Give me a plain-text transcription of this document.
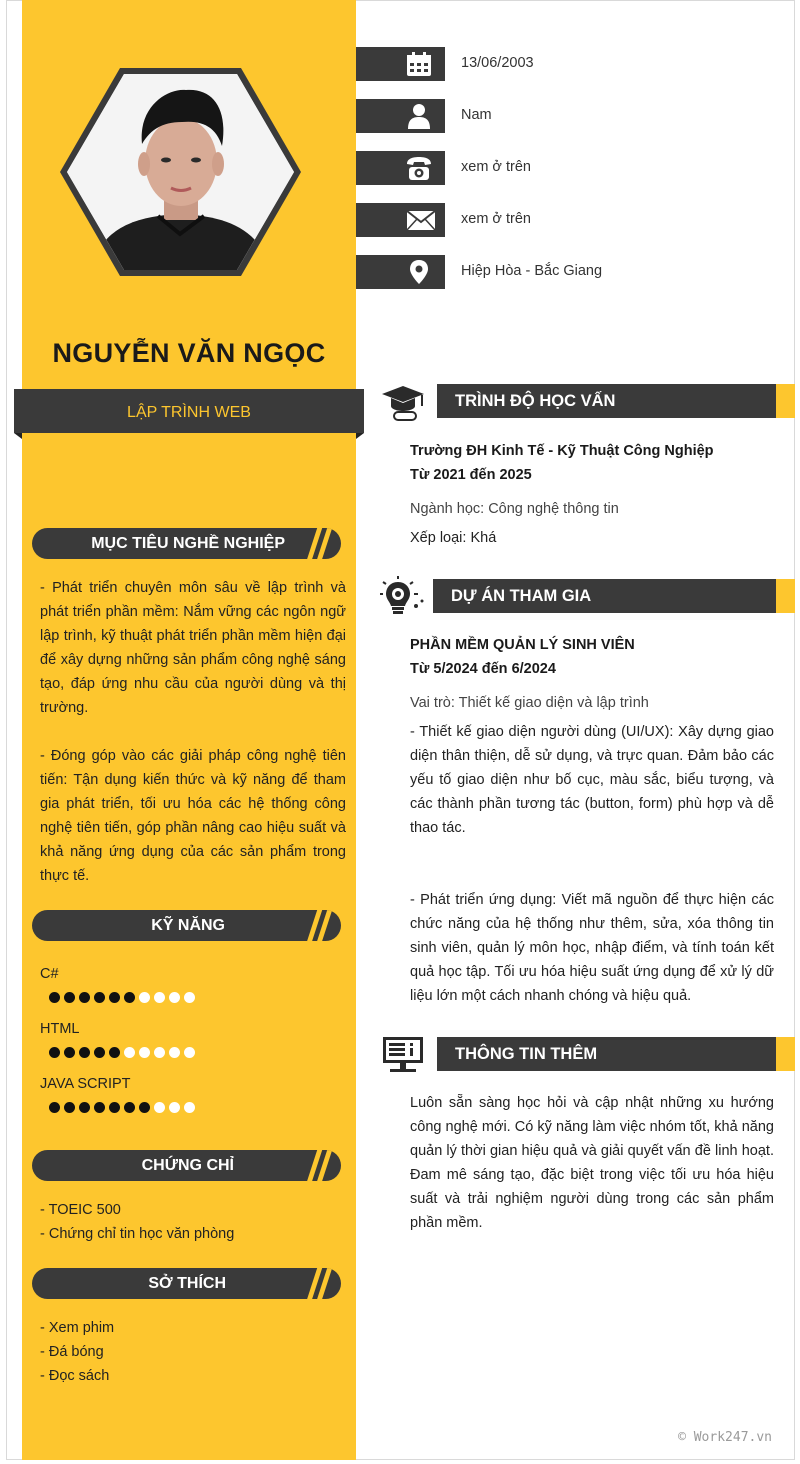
NGUYỄN VĂN NGỌC
LẬP TRÌNH WEB
13/06/2003
Nam
xem ở trên
xem ở trên
Hiệp Hòa - Bắc Giang
MỤC TIÊU NGHỀ NGHIỆP
- Phát triển chuyên môn sâu về lập trình và phát triển phần mềm: Nắm vững các ngôn ngữ lập trình, kỹ thuật phát triển phần mềm hiện đại để xây dựng những sản phẩm công nghệ sáng tạo, đáp ứng nhu cầu của người dùng và thị trường.
- Đóng góp vào các giải pháp công nghệ tiên tiến: Tận dụng kiến thức và kỹ năng để tham gia phát triển, tối ưu hóa các hệ thống công nghệ tiên tiến, góp phần nâng cao hiệu suất và khả năng ứng dụng của các sản phẩm trong thực tế.
KỸ NĂNG
C#
HTML
JAVA SCRIPT
CHỨNG CHỈ
- TOEIC 500
- Chứng chỉ tin học văn phòng
SỞ THÍCH
- Xem phim
- Đá bóng
- Đọc sách
TRÌNH ĐỘ HỌC VẤN
Trường ĐH Kinh Tế - Kỹ Thuật Công Nghiệp
Từ 2021 đến 2025
Ngành học: Công nghệ thông tin
Xếp loại: Khá
DỰ ÁN THAM GIA
PHẦN MỀM QUẢN LÝ SINH VIÊN
Từ 5/2024 đến 6/2024
Vai trò: Thiết kế giao diện và lập trình
- Thiết kế giao diện người dùng (UI/UX): Xây dựng giao diện thân thiện, dễ sử dụng, và trực quan. Đảm bảo các yếu tố giao diện như bố cục, màu sắc, biểu tượng, và các thành phần tương tác (button, form) phù hợp và dễ thao tác.
- Phát triển ứng dụng: Viết mã nguồn để thực hiện các chức năng của hệ thống như thêm, sửa, xóa thông tin sinh viên, quản lý môn học, nhập điểm, và tính toán kết quả học tập. Tối ưu hóa hiệu suất ứng dụng để xử lý dữ liệu lớn một cách nhanh chóng và hiệu quả.
THÔNG TIN THÊM
Luôn sẵn sàng học hỏi và cập nhật những xu hướng công nghệ mới. Có kỹ năng làm việc nhóm tốt, khả năng quản lý thời gian hiệu quả và giải quyết vấn đề linh hoạt. Đam mê sáng tạo, đặc biệt trong việc tối ưu hóa hiệu suất và trải nghiệm người dùng trong các sản phẩm phần mềm.
© Work247.vn
